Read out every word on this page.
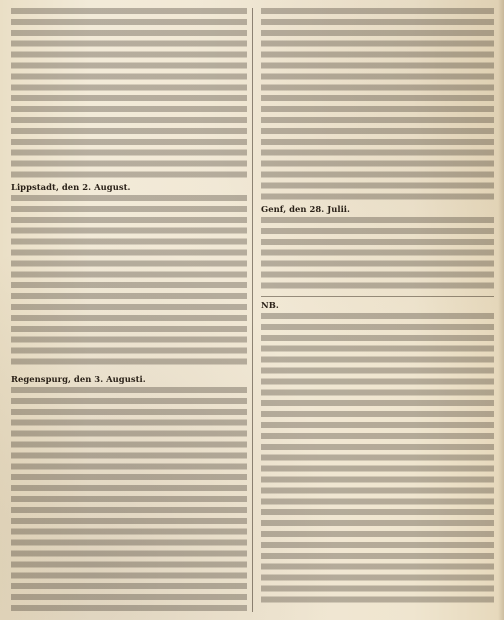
Lippstadt, den 2. August.
Regenspurg, den 3. Augusti.
Genf, den 28. Julii.
NB.
